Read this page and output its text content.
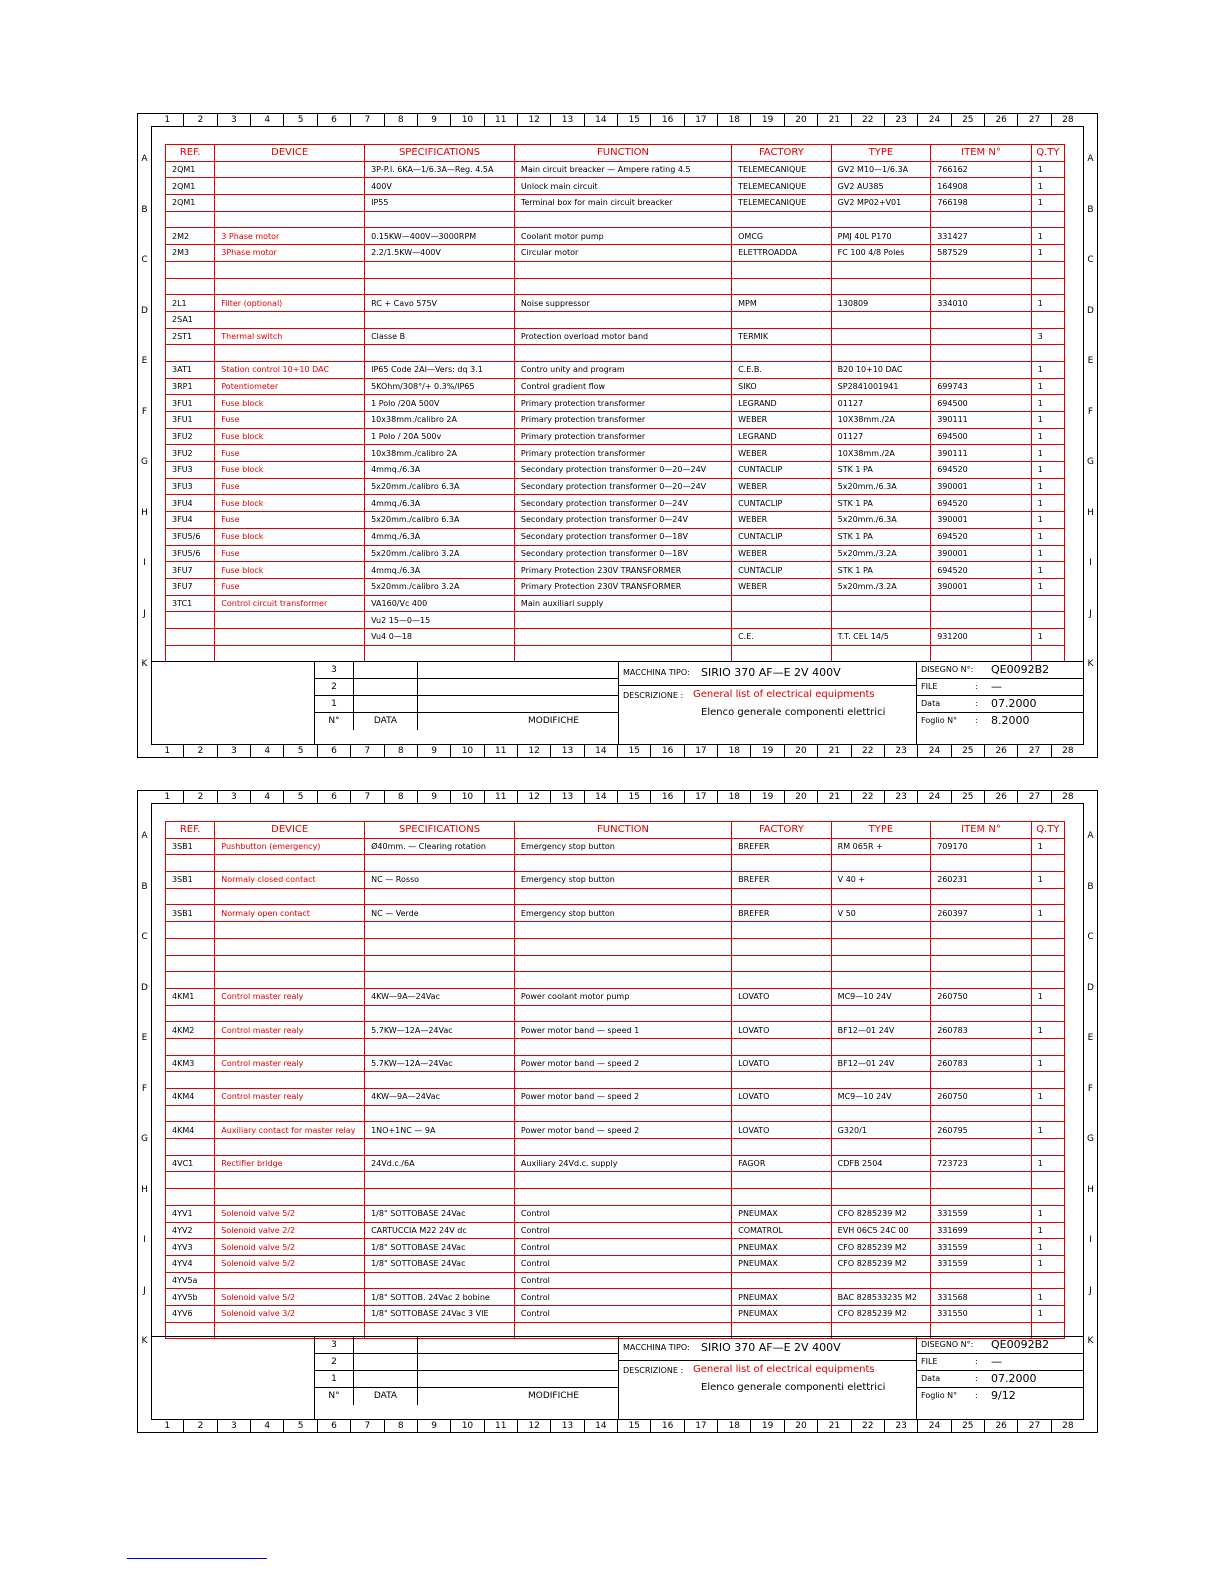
1	2	3	4	5	6	7	8	9	10	11	12	13	14	15	16	17	18	19	20	21	22	23	24	25	26	27	28
1	2	3	4	5	6	7	8	9	10	11	12	13	14	15	16	17	18	19	20	21	22	23	24	25	26	27	28
A
B
C
D
E
F
G
H
I
J
K
A
B
C
D
E
F
G
H
I
J
K
REF.	DEVICE	SPECIFICATIONS	FUNCTION	FACTORY	TYPE	ITEM N°	Q.TY
2QM1		3P-P.I. 6KA—1/6.3A—Reg. 4.5A	Main circuit breacker — Ampere rating 4.5	TELEMECANIQUE	GV2 M10—1/6.3A	766162	1
2QM1		400V	Unlock main circuit	TELEMECANIQUE	GV2 AU385	164908	1
2QM1		IP55	Terminal box for main circuit breacker	TELEMECANIQUE	GV2 MP02+V01	766198	1

2M2	3 Phase motor	0.15KW—400V—3000RPM	Coolant motor pump	OMCG	PMJ 40L P170	331427	1
2M3	3Phase motor	2.2/1.5KW—400V	Circular motor	ELETTROADDA	FC 100 4/8 Poles	587529	1

2L1	Filter (optional)	RC + Cavo 575V	Noise suppressor	MPM	130809	334010	1
2SA1							
2ST1	Thermal switch	Classe B	Protection overload motor band	TERMIK			3

3AT1	Station control 10+10 DAC	IP65 Code 2AI—Vers: dq 3.1	Contro unity and program	C.E.B.	B20 10+10 DAC		1
3RP1	Potentiometer	5KOhm/308°/+ 0.3%/IP65	Control gradient flow	SIKO	SP2841001941	699743	1
3FU1	Fuse block	1 Polo /20A 500V	Primary protection transformer	LEGRAND	01127	694500	1
3FU1	Fuse	10x38mm./calibro 2A	Primary protection transformer	WEBER	10X38mm./2A	390111	1
3FU2	Fuse block	1 Polo / 20A 500v	Primary protection transformer	LEGRAND	01127	694500	1
3FU2	Fuse	10x38mm./calibro 2A	Primary protection transformer	WEBER	10X38mm./2A	390111	1
3FU3	Fuse block	4mmq./6.3A	Secondary protection transformer 0—20—24V	CUNTACLIP	STK 1 PA	694520	1
3FU3	Fuse	5x20mm./calibro 6.3A	Secondary protection transformer 0—20—24V	WEBER	5x20mm./6.3A	390001	1
3FU4	Fuse block	4mmq./6.3A	Secondary protection transformer 0—24V	CUNTACLIP	STK 1 PA	694520	1
3FU4	Fuse	5x20mm./calibro 6.3A	Secondary protection transformer 0—24V	WEBER	5x20mm./6.3A	390001	1
3FU5/6	Fuse block	4mmq./6.3A	Secondary protection transformer 0—18V	CUNTACLIP	STK 1 PA	694520	1
3FU5/6	Fuse	5x20mm./calibro 3.2A	Secondary protection transformer 0—18V	WEBER	5x20mm./3.2A	390001	1
3FU7	Fuse block	4mmq./6.3A	Primary Protection 230V TRANSFORMER	CUNTACLIP	STK 1 PA	694520	1
3FU7	Fuse	5x20mm./calibro 3.2A	Primary Protection 230V TRANSFORMER	WEBER	5x20mm./3.2A	390001	1
3TC1	Control circuit transformer	VA160/Vc 400	Main auxiliari supply				
		Vu2 15—0—15					
		Vu4 0—18		C.E.	T.T. CEL 14/5	931200	1

3
2
1
N°	DATA	MODIFICHE
MACCHINA TIPO: SIRIO 370 AF—E 2V 400V
DESCRIZIONE : General list of electrical equipments
Elenco generale componenti elettrici
DISEGNO N°: QE0092B2
FILE	: —
Data	: 07.2000
Foglio N° : 8.2000
1	2	3	4	5	6	7	8	9	10	11	12	13	14	15	16	17	18	19	20	21	22	23	24	25	26	27	28
1	2	3	4	5	6	7	8	9	10	11	12	13	14	15	16	17	18	19	20	21	22	23	24	25	26	27	28
A
B
C
D
E
F
G
H
I
J
K
A
B
C
D
E
F
G
H
I
J
K
REF.	DEVICE	SPECIFICATIONS	FUNCTION	FACTORY	TYPE	ITEM N°	Q.TY
3SB1	Pushbutton (emergency)	Ø40mm. — Clearing rotation	Emergency stop button	BREFER	RM 065R +	709170	1

3SB1	Normaly closed contact	NC — Rosso	Emergency stop button	BREFER	V 40 +	260231	1

3SB1	Normaly open contact	NC — Verde	Emergency stop button	BREFER	V 50	260397	1

4KM1	Control master realy	4KW—9A—24Vac	Power coolant motor pump	LOVATO	MC9—10 24V	260750	1

4KM2	Control master realy	5.7KW—12A—24Vac	Power motor band — speed 1	LOVATO	BF12—01 24V	260783	1

4KM3	Control master realy	5.7KW—12A—24Vac	Power motor band — speed 2	LOVATO	BF12—01 24V	260783	1

4KM4	Control master realy	4KW—9A—24Vac	Power motor band — speed 2	LOVATO	MC9—10 24V	260750	1

4KM4	Auxiliary contact for master relay	1NO+1NC — 9A	Power motor band — speed 2	LOVATO	G320/1	260795	1

4VC1	Rectifier bridge	24Vd.c./6A	Auxiliary 24Vd.c. supply	FAGOR	CDFB 2504	723723	1

4YV1	Solenoid valve 5/2	1/8" SOTTOBASE 24Vac	Control	PNEUMAX	CFO 8285239 M2	331559	1
4YV2	Solenoid valve 2/2	CARTUCCIA M22 24V dc	Control	COMATROL	EVH 06C5 24C 00	331699	1
4YV3	Solenoid valve 5/2	1/8" SOTTOBASE 24Vac	Control	PNEUMAX	CFO 8285239 M2	331559	1
4YV4	Solenoid valve 5/2	1/8" SOTTOBASE 24Vac	Control	PNEUMAX	CFO 8285239 M2	331559	1
4YV5a			Control				
4YV5b	Solenoid valve 5/2	1/8" SOTTOB. 24Vac 2 bobine	Control	PNEUMAX	BAC 828533235 M2	331568	1
4YV6	Solenoid valve 3/2	1/8" SOTTOBASE 24Vac 3 VIE	Control	PNEUMAX	CFO 8285239 M2	331550	1

3
2
1
N°	DATA	MODIFICHE
MACCHINA TIPO: SIRIO 370 AF—E 2V 400V
DESCRIZIONE : General list of electrical equipments
Elenco generale componenti elettrici
DISEGNO N°: QE0092B2
FILE	: —
Data	: 07.2000
Foglio N° : 9/12
